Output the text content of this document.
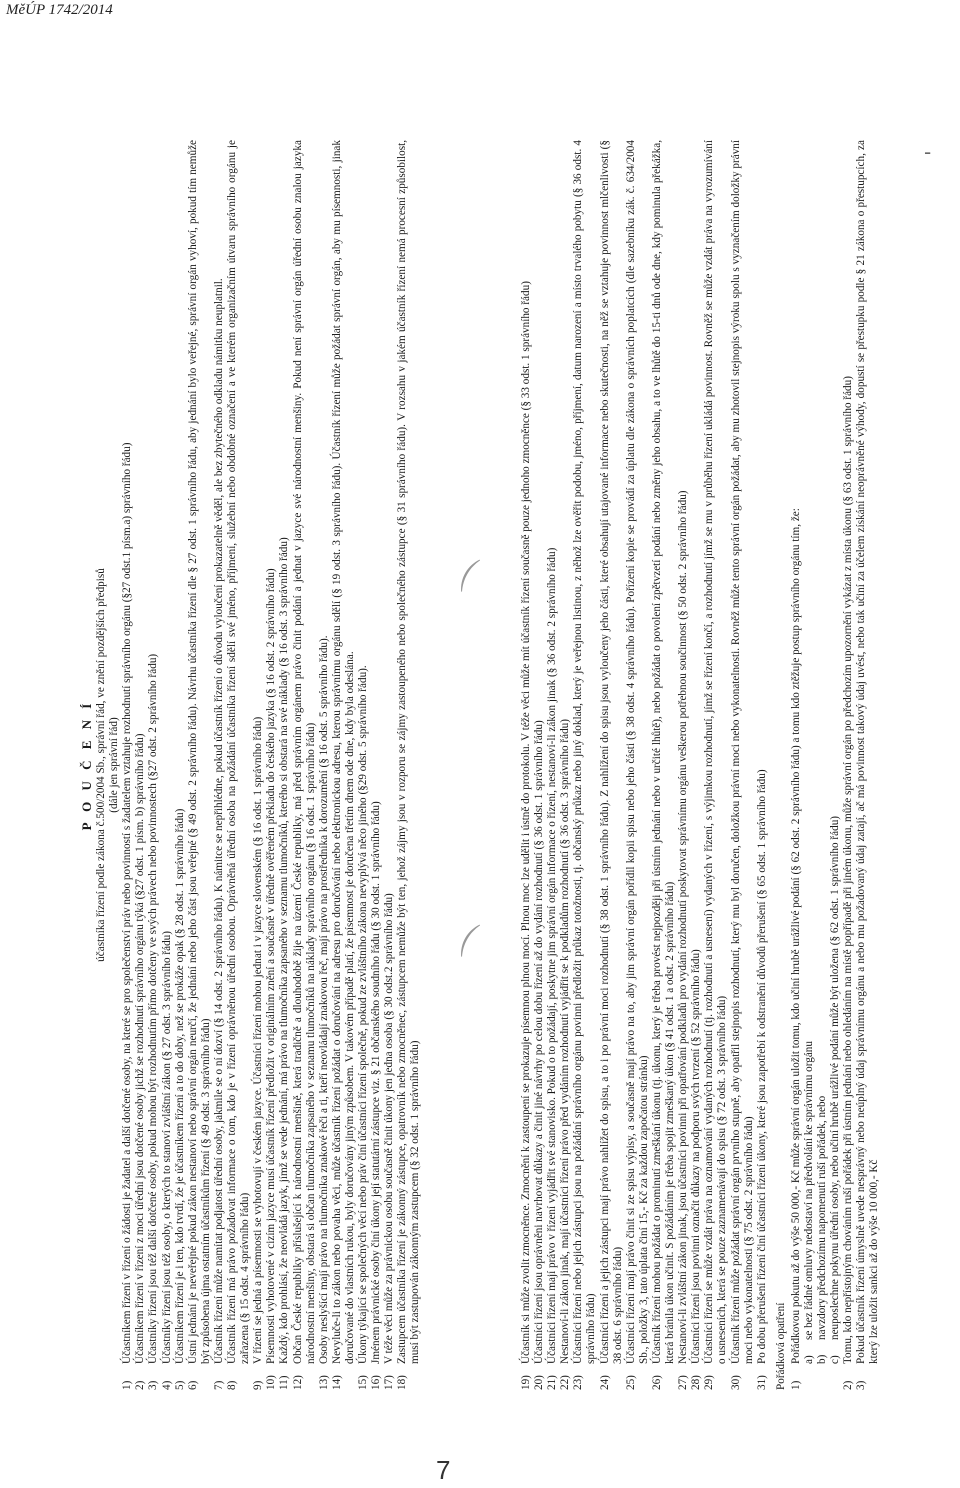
MěÚP 1742/2014
-
⌒
⌒
P O U Č E N Í účastníka řízení podle zákona č.500/2004 Sb., správní řád, ve znění pozdějších předpisů (dále jen správní řád)
1)
Účastníkem řízení v řízení o žádosti je žadatel a další dotčené osoby, na které se pro společenství práv nebo povinností s žadatelem vztahuje rozhodnutí správního orgánu (§27 odst.1 písm.a) správního řádu)
2)
Účastníkem řízení v řízení z moci úřední jsou dotčené osoby jichž se rozhodnutí správního orgánu týká (§27 odst. 1 písm. b) správního řádu)
3)
Účastníky řízení jsou též další dotčené osoby, pokud mohou být rozhodnutím přímo dotčeny ve svých právech nebo povinnostech (§27 odst. 2 správního řádu)
4)
Účastníky řízení jsou též osoby, o kterých to stanoví zvláštní zákon (§ 27 odst. 3 správního řádu)
5)
Účastníkem řízení je i ten, kdo tvrdí, že je účastníkem řízení a to do doby, než se prokáže opak (§ 28 odst. 1 správního řádu)
6)
Ústní jednání je neveřejné pokud zákon nestanoví nebo správní orgán neurčí, že jednání nebo jeho část jsou veřejné (§ 49 odst. 2 správního řádu). Návrhu účastníka řízení dle § 27 odst. 1 správního řádu, aby jednání bylo veřejné, správní orgán vyhoví, pokud tím nemůže být způsobena újma ostatním účastníkům řízení (§ 49 odst. 3 správního řádu)
7)
Účastník řízení může namítat podjatost úřední osoby, jakmile se o ní dozví (§ 14 odst. 2 správního řádu). K námitce se nepřihlédne, pokud účastník řízení o důvodu vyloučení prokazatelně věděl, ale bez zbytečného odkladu námitku neuplatnil.
8)
Účastník řízení má právo požadovat informace o tom, kdo je v řízení oprávněnou úřední osobou. Oprávněná úřední osoba na požádání účastníka řízení sdělí své jméno, příjmení, služební nebo obdobné označení a ve kterém organizačním útvaru správního orgánu je zařazena (§ 15 odst. 4 správního řádu)
9)
V řízení se jedná a písemnosti se vyhotovují v českém jazyce. Účastníci řízení mohou jednat i v jazyce slovenském (§ 16 odst. 1 správního řádu)
10)
Písemnosti vyhotovené v cizím jazyce musí účastník řízení předložit v originálním znění a současně v úředně ověřeném překladu do českého jazyka (§ 16 odst. 2 správního řádu)
11)
Každý, kdo prohlásí, že neovládá jazyk, jímž se vede jednání, má právo na tlumočníka zapsaného v seznamu tlumočníků, kterého si obstará na své náklady (§ 16 odst. 3 správního řádu)
12)
Občan České republiky příslušející k národnostní menšině, která tradičně a dlouhodobě žije na území České republiky, má před správním orgánem právo činit podání a jednat v jazyce své národnostní menšiny. Pokud není správní orgán úřední osobu znalou jazyka národnostní menšiny, obstará si občan tlumočníka zapsaného v seznamu tlumočníků na náklady správního orgánu (§ 16 odst. 1 správního řádu)
13)
Osoby neslyšící mají právo na tlumočníka znakové řeči a ti, kteří neovládají znakovou řeč, mají právo na prostředníka k dorozumění (§ 16 odst. 5 správního řádu).
14)
Nevyluče-li to zákon nebo povaha věci, může účastník řízení požádat o doručování na adresu pro doručování nebo elektronickou adresu, kterou správnímu orgánu sdělí (§ 19 odst. 3 správního řádu). Účastník řízení může požádat správní orgán, aby mu písemnosti, jinak doručované do vlastních rukou, byly doručovány jiným způsobem. V takovém případě platí, že písemnost je doručena třetím dnem ode dne, kdy byla odeslána.
15)
Úkony týkající se společných věcí nebo práv činí účastníci řízení společně, pokud ze zvláštního zákona nevyplývá něco jiného (§29 odst. 5 správního řádu).
16)
Jménem právnické osoby činí úkony její statutární zástupce viz. § 21 občanského soudního řádu (§ 30 odst. 1 správního řádu)
17)
V téže věci může za právnickou osobu současně činit úkony jen jedna osoba (§ 30 odst.2 správního řádu)
18)
Zastupcem účastníka řízení je zákonný zástupce, opatrovník nebo zmocněnec, zástupcem nemůže být ten, jehož zájmy jsou v rozporu se zájmy zastoupeného nebo společného zástupce (§ 31 správního řádu). V rozsahu v jakém účastník řízení nemá procesní způsobilost, musí být zastupován zákonným zastupcem (§ 32 odst. 1 správního řádu)
19)
Účastník si může zvolit zmocněnce. Zmocnění k zastoupení se prokazuje písemnou plnou mocí. Plnou moc lze udělit i ústně do protokolu. V téže věci může mít účastník řízení současně pouze jednoho zmocněnce (§ 33 odst. 1 správního řádu)
20)
Účastníci řízení jsou oprávněni navrhovat důkazy a činit jiné návrhy po celou dobu řízení až do vydání rozhodnutí (§ 36 odst. 1 správního řádu)
21)
Účastníci řízení mají právo v řízení vyjádřit své stanovisko. Pokud o to požádají, poskytne jim správní orgán informace o řízení, nestanoví-li zákon jinak (§ 36 odst. 2 správního řádu)
22)
Nestanoví-li zákon jinak, mají účastníci řízení právo před vydáním rozhodnutí vyjádřit se k podkladům rozhodnutí (§ 36 odst. 3 správního řádu)
23)
Účastníci řízení nebo jejich zástupci jsou na požádání správního orgánu povinni předložit průkaz totožnosti, tj. občanský průkaz nebo jiný doklad, který je veřejnou listinou, z něhož lze ověřit podobu, jméno, příjmení, datum narození a místo trvalého pobytu (§ 36 odst. 4 správního řádu)
24)
Účastníci řízení a jejich zástupci mají právo nahlížet do spisu, a to i po právní moci rozhodnutí (§ 38 odst. 1 správního řádu). Z nahlížení do spisu jsou vyloučeny jeho části, které obsahují utajované informace nebo skutečnosti, na něž se vztahuje povinnost mlčenlivosti (§ 38 odst. 6 správního řádu)
25)
Účastníci řízení mají právo činit si ze spisu výpisy, a současně mají právo na to, aby jim správní orgán pořídil kopii spisu nebo jeho části (§ 38 odst. 4 správního řádu). Pořízení kopie se provádí za úplatu dle zákona o správních poplatcích (dle sazebníku zák. č. 634/2004 Sb., položky 3, tato úplata činí 15,- Kč za každou započatou stránku)
26)
Účastník řízení mohou požádat o prominutí zmeškání úkonu (tj. úkonu, který je třeba provést nejpozději při ústním jednání nebo v určité lhůtě), nebo požádat o povolení zpětvzetí podání nebo změny jeho obsahu, a to ve lhůtě do 15-ti dnů ode dne, kdy pominula překážka, která bránila úkon učinit. S požádáním je třeba spojit zmeškaný úkon (§ 41 odst. 1 a odst. 2 správního řádu)
27)
Nestanoví-li zvláštní zákon jinak, jsou účastníci povinni při opatřování podkladů pro vydání rozhodnutí poskytovat správnímu orgánu veškerou potřebnou součinnost (§ 50 odst. 2 správního řádu)
28)
Účastníci řízení jsou povinni označit důkazy na podporu svých tvrzení (§ 52 správního řádu)
29)
Účastníci řízení se může vzdát práva na oznamování vydaných rozhodnutí (tj. rozhodnutí a usnesení) vydaných v řízení, s výjimkou rozhodnutí, jímž se řízení končí, a rozhodnutí jímž se mu v průběhu řízení ukládá povinnost. Rovněž se může vzdát práva na vyrozumívání o usneseních, která se pouze zaznamenávají do spisu (§ 72 odst. 3 správního řádu)
30)
Účastník řízení může požádat správní orgán prvního stupně, aby opatřil stejnopis rozhodnutí, který mu byl doručen, doložkou právní moci nebo vykonatelnosti. Rovněž může tento správní orgán požádat, aby mu zhotovil stejnopis výroku spolu s vyznačením doložky právní moci nebo vykonatelnosti (§ 75 odst. 2 správního řádu)
31)
Po dobu přerušení řízení činí účastníci řízení úkony, které jsou zapotřebí k odstranění důvodů přerušení (§ 65 odst. 1 správního řádu) Pořádková opatření 1)
Pořádkovou pokutu až do výše 50 000,- Kč může správní orgán uložit tomu, kdo učiní hrubě urážlivé podání (§ 62 odst. 2 správního řádu) a tomu kdo ztěžuje postup správního orgánu tím, že: a)
se bez řádné omluvy nedostaví na předvolání ke správnímu orgánu
b)
navzdory předchozímu napomenutí ruší pořádek, nebo
c)
neuposlechne pokynu úřední osoby, nebo učiní hrubě urážlivé podání může být uložena (§ 62 odst. 1 správního řádu)
2)
Tomu, kdo nepřístojným chováním ruší pořádek při ústním jednání nebo ohledáním na místě popřípadě při jiném úkonu, může správní orgán po předchozím upozornění vykázat z místa úkonu (§ 63 odst. 1 správního řádu)
3)
Pokud účastník řízení úmyslně uvede nesprávný nebo neúplný údaj správnímu orgánu a nebo mu požadovaný údaj zatají, ač má povinnost takový údaj uvést, nebo tak učiní za účelem získání neoprávněné výhody, dopustí se přestupku podle § 21 zákona o přestupcích, za který lze uložit sankci až do výše 10 000,- Kč
7
